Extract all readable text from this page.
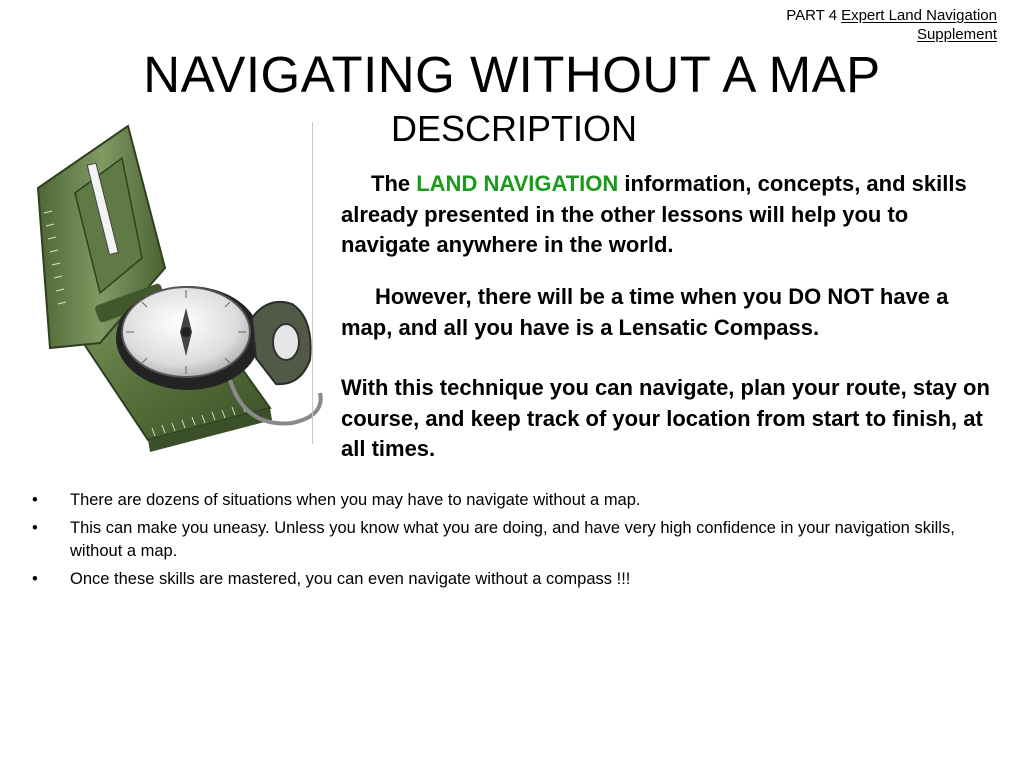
PART 4 Expert Land Navigation
Supplement
NAVIGATING WITHOUT A MAP
DESCRIPTION

The LAND NAVIGATION information, concepts, and skills already presented in the other lessons will help you to navigate anywhere in the world.

However, there will be a time when you DO NOT have a map, and all you have is a Lensatic Compass.

With this technique you can navigate, plan your route, stay on course, and keep track of your location from start to finish, at all times.

• There are dozens of situations when you may have to navigate without a map.
• This can make you uneasy. Unless you know what you are doing, and have very high confidence in your navigation skills, without a map.
• Once these skills are mastered, you can even navigate without a compass !!!
